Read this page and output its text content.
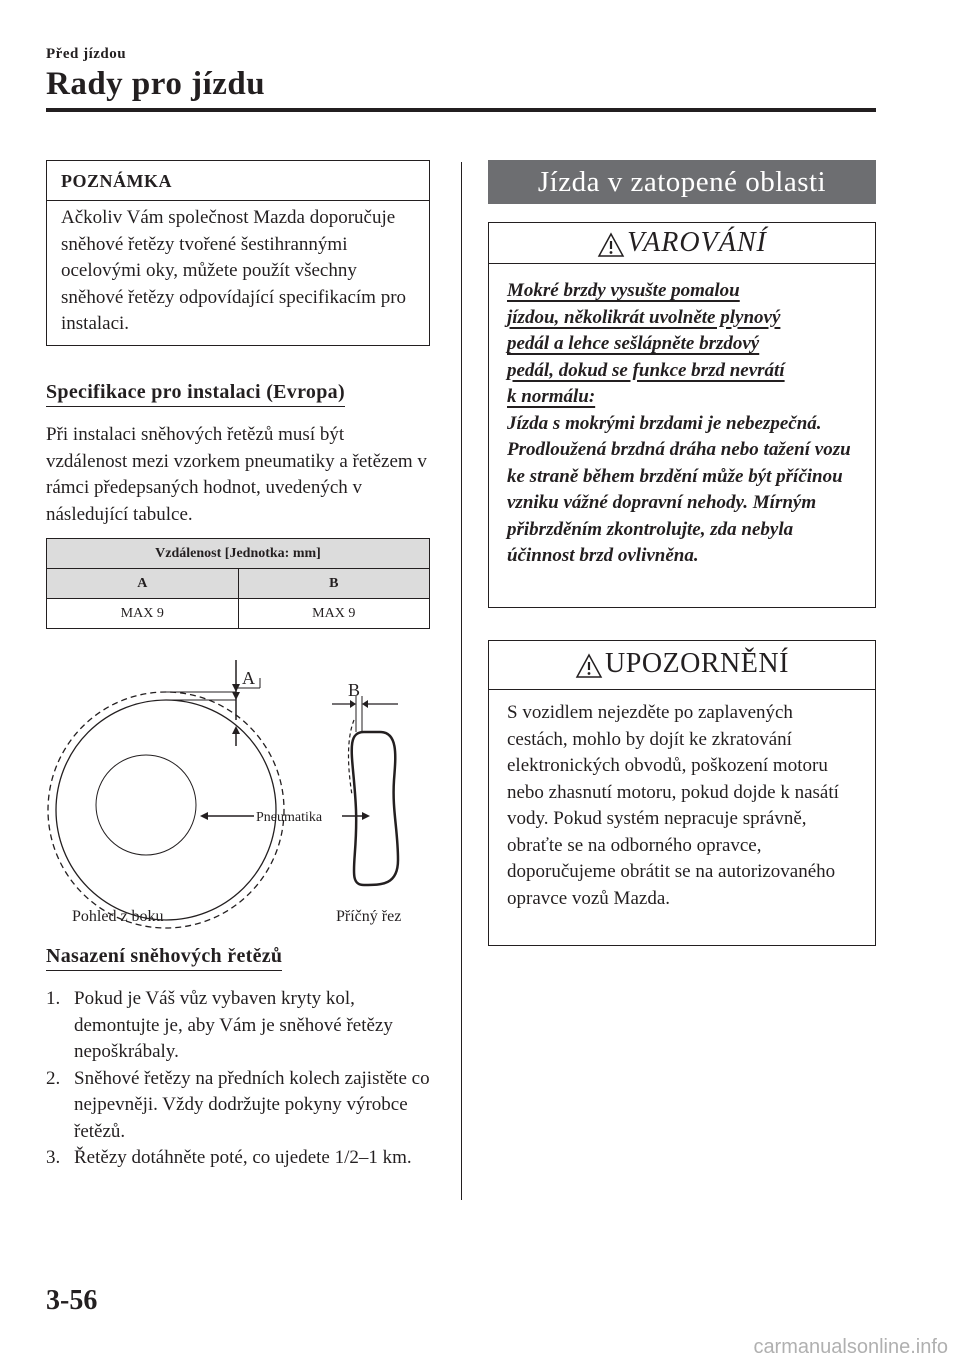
Před jízdou
Rady pro jízdu
POZNÁMKA
Ačkoliv Vám společnost Mazda doporučuje sněhové řetězy tvořené šestihrannými ocelovými oky, můžete použít všechny sněhové řetězy odpovídající specifikacím pro instalaci.
Specifikace pro instalaci (Evropa)
Při instalaci sněhových řetězů musí být vzdálenost mezi vzorkem pneumatiky a řetězem v rámci předepsaných hodnot, uvedených v následující tabulce.
Vzdálenost [Jednotka: mm]	
A	B
MAX 9	MAX 9
A
B
Pneumatika
Pohled z boku	Příčný řez
Nasazení sněhových řetězů
1. Pokud je Váš vůz vybaven kryty kol, demontujte je, aby Vám je sněhové řetězy nepoškrábaly.
2. Sněhové řetězy na předních kolech zajistěte co nejpevněji. Vždy dodržujte pokyny výrobce řetězů.
3. Řetězy dotáhněte poté, co ujedete 1/2–1 km.
Jízda v zatopené oblasti
VAROVÁNÍ
Mokré brzdy vysušte pomalou
jízdou, několikrát uvolněte plynový
pedál a lehce sešlápněte brzdový
pedál, dokud se funkce brzd nevrátí
k normálu:
Jízda s mokrými brzdami je nebezpečná. Prodloužená brzdná dráha nebo tažení vozu ke straně během brzdění může být příčinou vzniku vážné dopravní nehody. Mírným přibrzděním zkontrolujte, zda nebyla účinnost brzd ovlivněna.
UPOZORNĚNÍ
S vozidlem nejezděte po zaplavených cestách, mohlo by dojít ke zkratování elektronických obvodů, poškození motoru nebo zhasnutí motoru, pokud dojde k nasátí vody. Pokud systém nepracuje správně, obraťte se na odborného opravce, doporučujeme obrátit se na autorizovaného opravce vozů Mazda.
3-56
carmanualsonline.info
